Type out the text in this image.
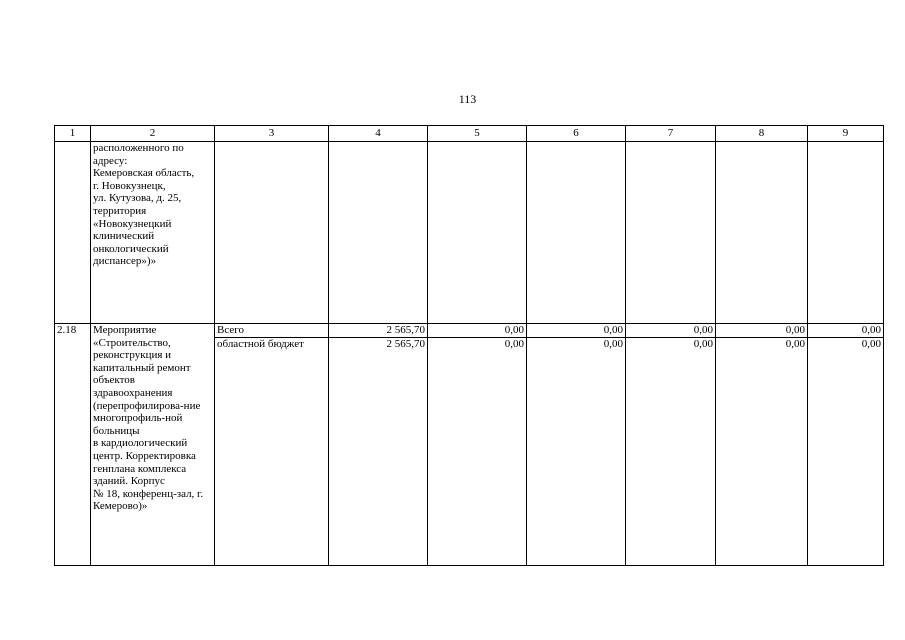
113
1	2	3	4	5	6	7	8	9
	расположенного по адресу:
Кемеровская область,
г. Новокузнецк,
ул. Кутузова, д. 25, территория «Новокузнецкий клинический онкологический диспансер»)»							
2.18	Мероприятие «Строительство, реконструкция и капитальный ремонт объектов здравоохранения (перепрофилирова-ние многопрофиль-ной больницы
в кардиологический центр. Корректировка генплана комплекса зданий. Корпус
№ 18, конференц-зал, г. Кемерово)»	Всего	2 565,70	0,00	0,00	0,00	0,00	0,00
		областной бюджет	2 565,70	0,00	0,00	0,00	0,00	0,00
